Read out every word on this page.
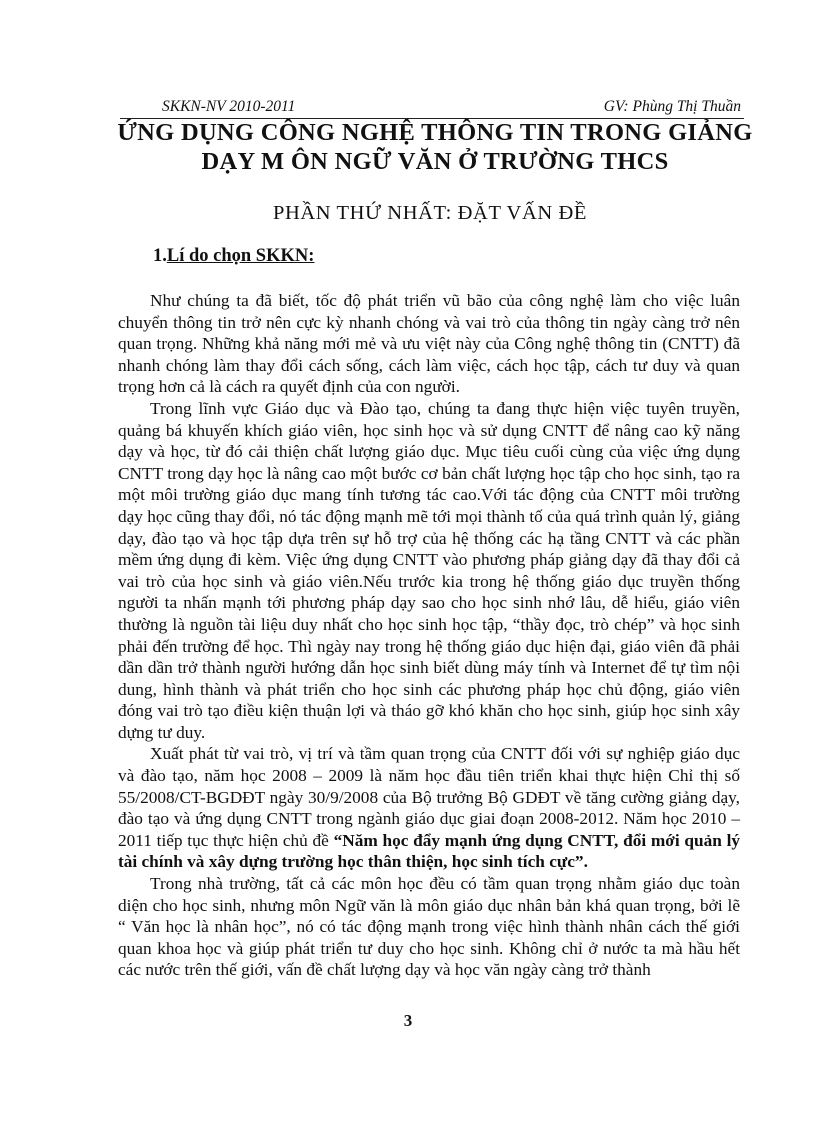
SKKN-NV 2010-2011	GV: Phùng Thị Thuần
ỨNG DỤNG CÔNG NGHỆ THÔNG TIN TRONG GIẢNG
DẠY M ÔN NGỮ VĂN Ở TRƯỜNG THCS
PHẦN THỨ NHẤT: ĐẶT VẤN ĐỀ
1.Lí do chọn SKKN:

Như chúng ta đã biết, tốc độ phát triển vũ bão của công nghệ làm cho việc luân chuyển thông tin trở nên cực kỳ nhanh chóng và vai trò của thông tin ngày càng trở nên quan trọng. Những khả năng mới mẻ và ưu việt này của Công nghệ thông tin (CNTT) đã nhanh chóng làm thay đổi cách sống, cách làm việc, cách học tập, cách tư duy và quan trọng hơn cả là cách ra quyết định của con người.

Trong lĩnh vực Giáo dục và Đào tạo, chúng ta đang thực hiện việc tuyên truyền, quảng bá khuyến khích giáo viên, học sinh học và sử dụng CNTT để nâng cao kỹ năng dạy và học, từ đó cải thiện chất lượng giáo dục. Mục tiêu cuối cùng của việc ứng dụng CNTT trong dạy học là nâng cao một bước cơ bản chất lượng học tập cho học sinh, tạo ra một môi trường giáo dục mang tính tương tác cao.Với tác động của CNTT môi trường dạy học cũng thay đổi, nó tác động mạnh mẽ tới mọi thành tố của quá trình quản lý, giảng dạy, đào tạo và học tập dựa trên sự hỗ trợ của hệ thống các hạ tầng CNTT và các phần mềm ứng dụng đi kèm. Việc ứng dụng CNTT vào phương pháp giảng dạy đã thay đổi cả vai trò của học sinh và giáo viên.Nếu trước kia trong hệ thống giáo dục truyền thống người ta nhấn mạnh tới phương pháp dạy sao cho học sinh nhớ lâu, dễ hiểu, giáo viên thường là nguồn tài liệu duy nhất cho học sinh học tập, “thầy đọc, trò chép” và học sinh phải đến trường để học. Thì ngày nay trong hệ thống giáo dục hiện đại, giáo viên đã phải dần dần trở thành người hướng dẫn học sinh biết dùng máy tính và Internet để tự tìm nội dung, hình thành và phát triển cho học sinh các phương pháp học chủ động, giáo viên đóng vai trò tạo điều kiện thuận lợi và tháo gỡ khó khăn cho học sinh, giúp học sinh xây dựng tư duy.

Xuất phát từ vai trò, vị trí và tầm quan trọng của CNTT đối với sự nghiệp giáo dục và đào tạo, năm học 2008 – 2009 là năm học đầu tiên triển khai thực hiện Chỉ thị số 55/2008/CT-BGDĐT ngày 30/9/2008 của Bộ trưởng Bộ GDĐT về tăng cường giảng dạy, đào tạo và ứng dụng CNTT trong ngành giáo dục giai đoạn 2008-2012. Năm học 2010 – 2011 tiếp tục thực hiện chủ đề “Năm học đẩy mạnh ứng dụng CNTT, đổi mới quản lý tài chính và xây dựng trường học thân thiện, học sinh tích cực”.

Trong nhà trường, tất cả các môn học đều có tầm quan trọng nhằm giáo dục toàn diện cho học sinh, nhưng môn Ngữ văn là môn giáo dục nhân bản khá quan trọng, bởi lẽ “ Văn học là nhân học”, nó có tác động mạnh trong việc hình thành nhân cách thế giới quan khoa học và giúp phát triển tư duy cho học sinh. Không chỉ ở nước ta mà hầu hết các nước trên thế giới, vấn đề chất lượng dạy và học văn ngày càng trở thành

3
